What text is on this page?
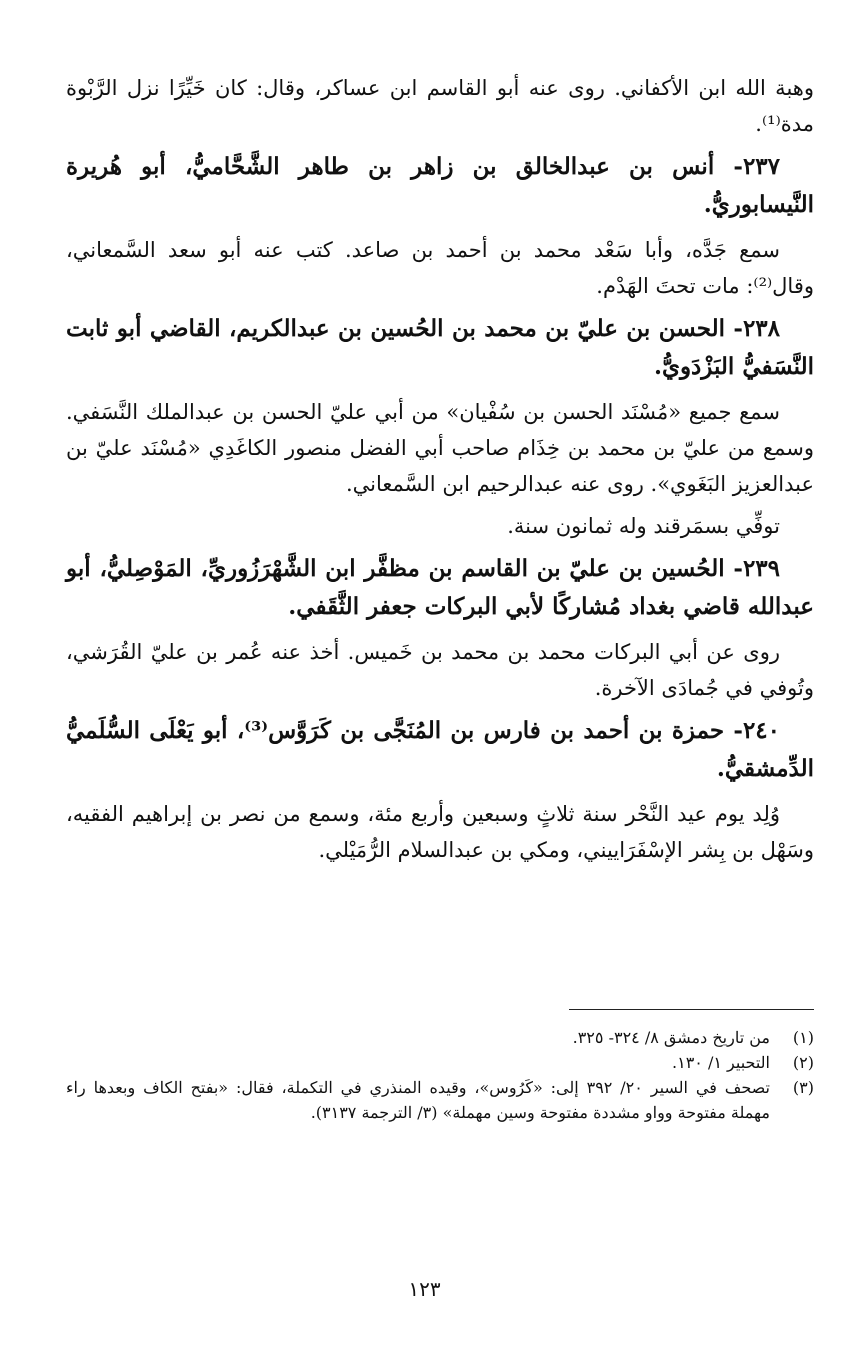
وهبة الله ابن الأكفاني. روى عنه أبو القاسم ابن عساكر، وقال: كان خَيِّرًا نزل الرَّبْوة مدة⁽¹⁾.

٢٣٧- أنس بن عبدالخالق بن زاهر بن طاهر الشَّحَّاميُّ، أبو هُريرة النَّيسابوريُّ.

سمع جَدَّه، وأبا سَعْد محمد بن أحمد بن صاعد. كتب عنه أبو سعد السَّمعاني، وقال⁽²⁾: مات تحتَ الهَدْم.

٢٣٨- الحسن بن عليّ بن محمد بن الحُسين بن عبدالكريم، القاضي أبو ثابت النَّسَفيُّ البَزْدَويُّ.

سمع جميع «مُسْنَد الحسن بن سُفْيان» من أبي عليّ الحسن بن عبدالملك النَّسَفي. وسمع من عليّ بن محمد بن خِذَام صاحب أبي الفضل منصور الكاغَدِي «مُسْنَد عليّ بن عبدالعزيز البَغَوي». روى عنه عبدالرحيم ابن السَّمعاني.

توفِّي بسمَرقند وله ثمانون سنة.

٢٣٩- الحُسين بن عليّ بن القاسم بن مظفَّر ابن الشَّهْرَزُوريِّ، المَوْصِليُّ، أبو عبدالله قاضي بغداد مُشاركًا لأبي البركات جعفر الثَّقَفي.

روى عن أبي البركات محمد بن محمد بن خَميس. أخذ عنه عُمر بن عليّ القُرَشي، وتُوفي في جُمادَى الآخرة.

٢٤٠- حمزة بن أحمد بن فارس بن المُنَجَّى بن كَرَوَّس⁽³⁾، أبو يَعْلَى السُّلَميُّ الدِّمشقيُّ.

وُلِد يوم عيد النَّحْر سنة ثلاثٍ وسبعين وأربع مئة، وسمع من نصر بن إبراهيم الفقيه، وسَهْل بن بِشر الإسْفَرَاييني، ومكي بن عبدالسلام الرُّمَيْلي.

(١)
من تاريخ دمشق ٨/ ٣٢٤- ٣٢٥.
(٢)
التحبير ١/ ١٣٠.
(٣)
تصحف في السير ٢٠/ ٣٩٢ إلى: «كَرُوس»، وقيده المنذري في التكملة، فقال: «بفتح الكاف وبعدها راء مهملة مفتوحة وواو مشددة مفتوحة وسين مهملة» (٣/ الترجمة ٣١٣٧).
١٢٣
